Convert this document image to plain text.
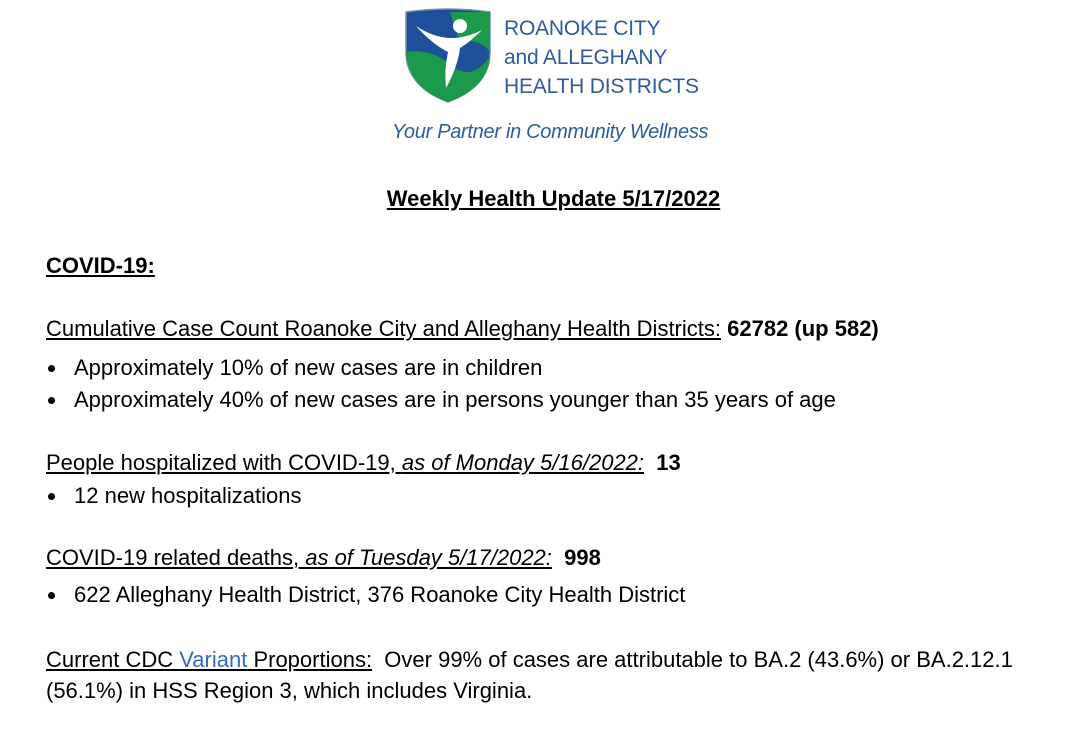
ROANOKE CITY
and ALLEGHANY
HEALTH DISTRICTS
Your Partner in Community Wellness
Weekly Health Update 5/17/2022
COVID-19:
Cumulative Case Count Roanoke City and Alleghany Health Districts: 62782 (up 582)
Approximately 10% of new cases are in children
Approximately 40% of new cases are in persons younger than 35 years of age
People hospitalized with COVID-19, as of Monday 5/16/2022: 13
12 new hospitalizations
COVID-19 related deaths, as of Tuesday 5/17/2022: 998
622 Alleghany Health District, 376 Roanoke City Health District
Current CDC Variant Proportions: Over 99% of cases are attributable to BA.2 (43.6%) or BA.2.12.1 (56.1%) in HSS Region 3, which includes Virginia.
